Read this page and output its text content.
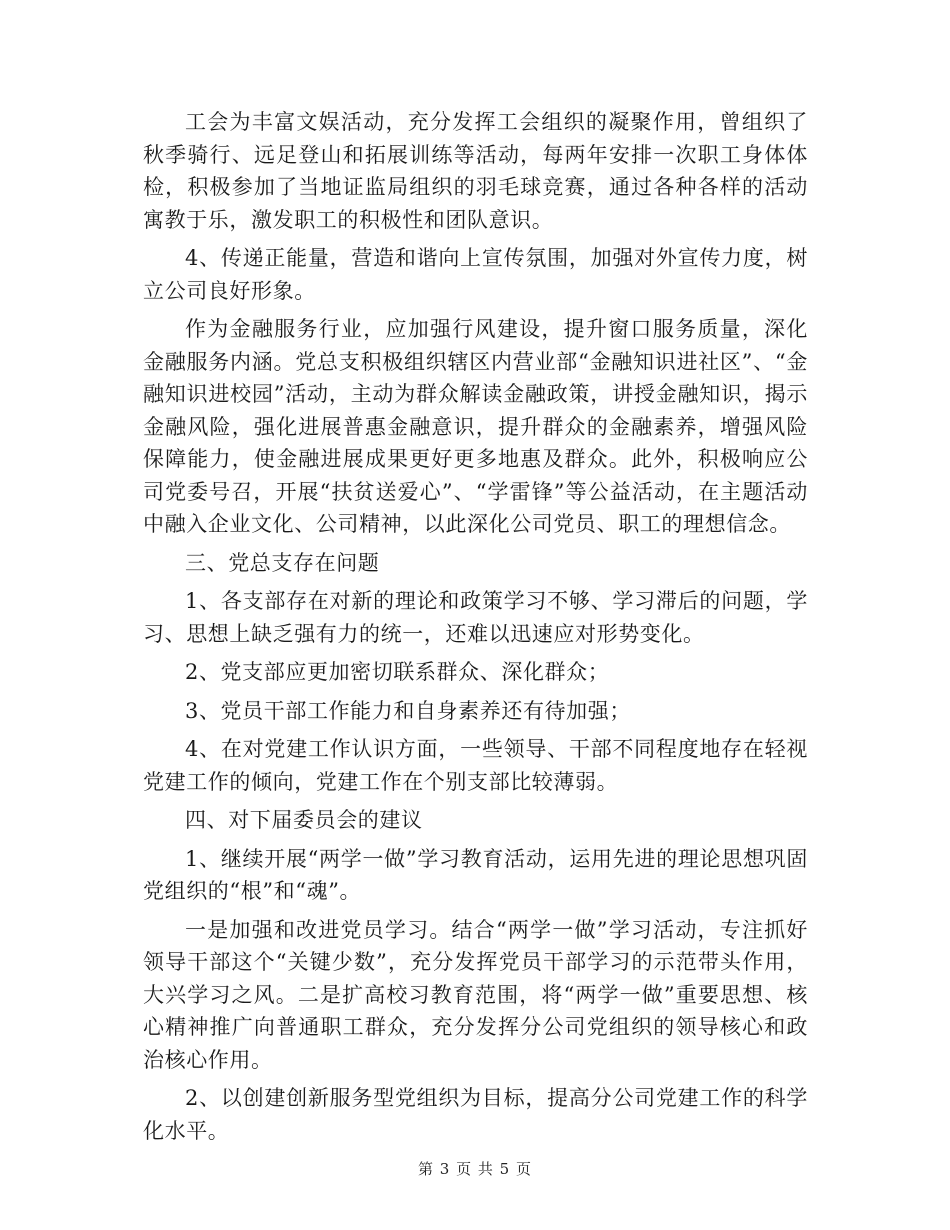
工会为丰富文娱活动，充分发挥工会组织的凝聚作用，曾组织了秋季骑行、远足登山和拓展训练等活动，每两年安排一次职工身体体检，积极参加了当地证监局组织的羽毛球竞赛，通过各种各样的活动寓教于乐，激发职工的积极性和团队意识。

4、传递正能量，营造和谐向上宣传氛围，加强对外宣传力度，树立公司良好形象。

作为金融服务行业，应加强行风建设，提升窗口服务质量，深化金融服务内涵。党总支积极组织辖区内营业部“金融知识进社区”、“金融知识进校园”活动，主动为群众解读金融政策，讲授金融知识，揭示金融风险，强化进展普惠金融意识，提升群众的金融素养，增强风险保障能力，使金融进展成果更好更多地惠及群众。此外，积极响应公司党委号召，开展“扶贫送爱心”、“学雷锋”等公益活动，在主题活动中融入企业文化、公司精神，以此深化公司党员、职工的理想信念。

三、党总支存在问题

1、各支部存在对新的理论和政策学习不够、学习滞后的问题，学习、思想上缺乏强有力的统一，还难以迅速应对形势变化。

2、党支部应更加密切联系群众、深化群众；

3、党员干部工作能力和自身素养还有待加强；

4、在对党建工作认识方面，一些领导、干部不同程度地存在轻视党建工作的倾向，党建工作在个别支部比较薄弱。

四、对下届委员会的建议

1、继续开展“两学一做”学习教育活动，运用先进的理论思想巩固党组织的“根”和“魂”。

一是加强和改进党员学习。结合“两学一做”学习活动，专注抓好领导干部这个“关键少数”，充分发挥党员干部学习的示范带头作用，大兴学习之风。二是扩高校习教育范围，将“两学一做”重要思想、核心精神推广向普通职工群众，充分发挥分公司党组织的领导核心和政治核心作用。

2、以创建创新服务型党组织为目标，提高分公司党建工作的科学化水平。

第 3 页 共 5 页
